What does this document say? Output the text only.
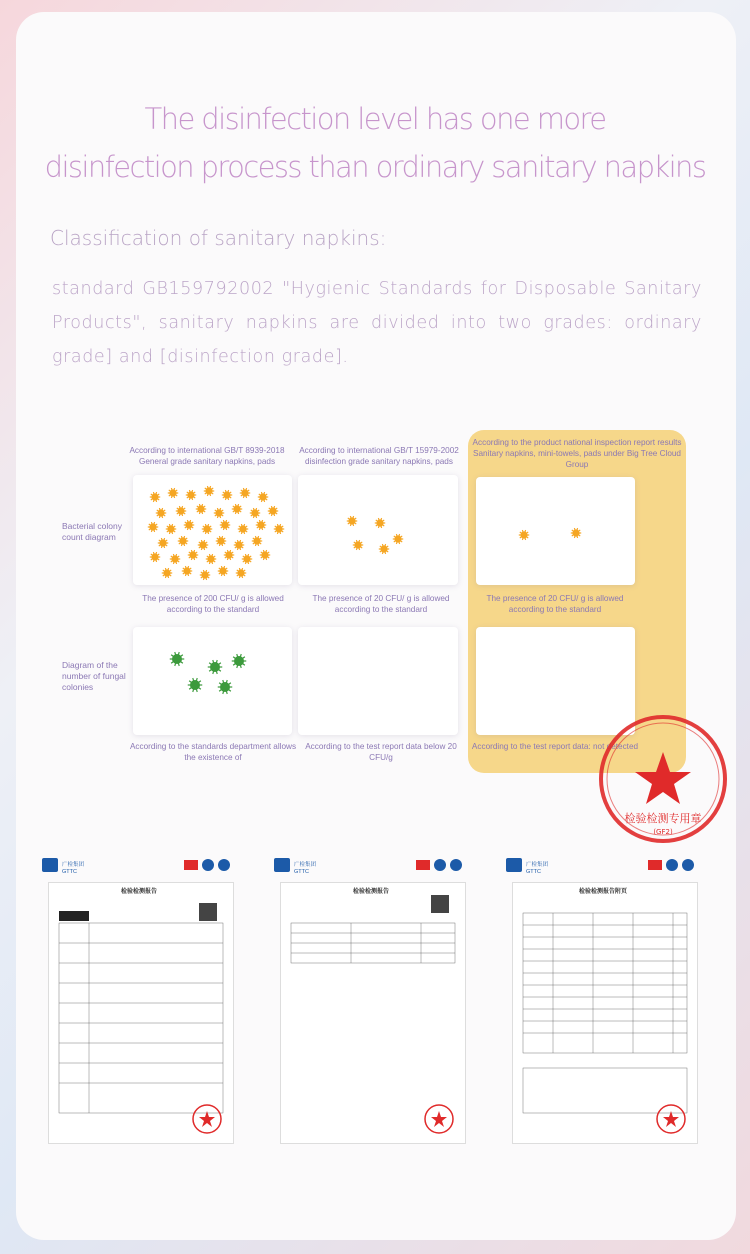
The disinfection level has one more
disinfection process than ordinary sanitary napkins

Classification of sanitary napkins:

standard GB159792002 "Hygienic Standards for Disposable Sanitary Products", sanitary napkins are divided into two grades: ordinary grade] and [disinfection grade].

According to international GB/T 8939-2018 General grade sanitary napkins, pads
According to international GB/T 15979-2002 disinfection grade sanitary napkins, pads
According to the product national inspection report results Sanitary napkins, mini-towels, pads under Big Tree Cloud Group
Bacterial colony count diagram
Diagram of the number of fungal colonies
The presence of 200 CFU/ g is allowed according to the standard
The presence of 20 CFU/ g is allowed according to the standard
The presence of 20 CFU/ g is allowed according to the standard
According to the standards department allows the existence of
According to the test report data below 20 CFU/g
According to the test report data: not detected
检验检测专用章
(GF2)
广检集团
GTTC
检验检测报告
广检集团
GTTC
检验检测报告
广检集团
GTTC
检验检测报告附页
